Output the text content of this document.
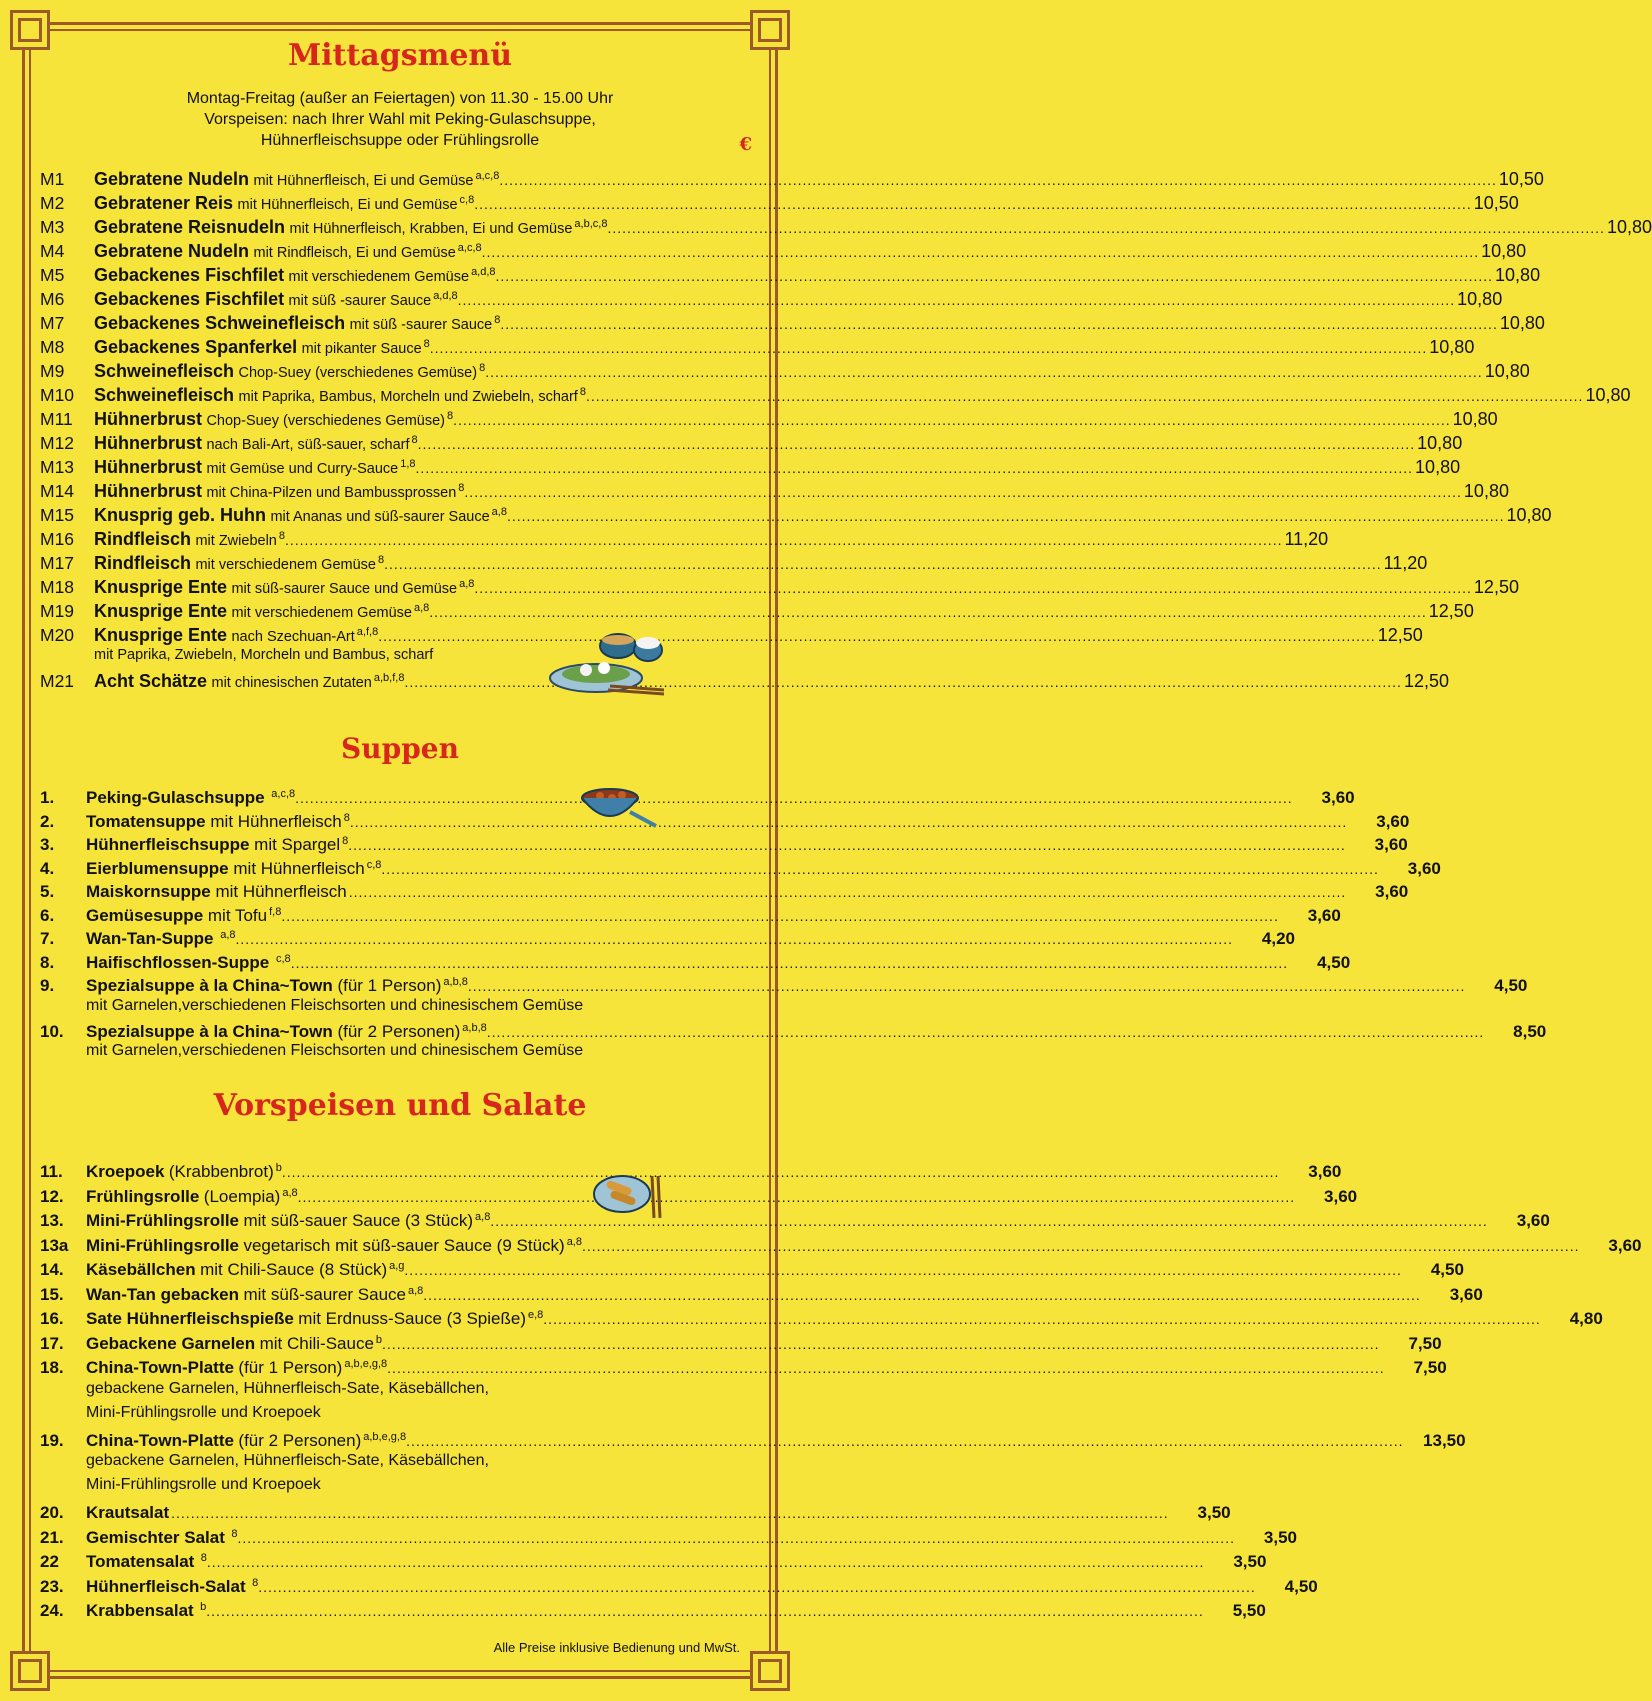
Mittagsmenü
Montag-Freitag (außer an Feiertagen) von 11.30 - 15.00 Uhr
Vorspeisen: nach Ihrer Wahl mit Peking-Gulaschsuppe,
Hühnerfleischsuppe oder Frühlingsrolle	€
M1	Gebratene Nudeln mit Hühnerfleisch, Ei und Gemüse $^{a,c,8}$ .....	10,50
M2	Gebratener Reis mit Hühnerfleisch, Ei und Gemüse $^{c,8}$ .....	10,50
M3	Gebratene Reisnudeln mit Hühnerfleisch, Krabben, Ei und Gemüse $^{a,b,c,8}$ .....	10,80
M4	Gebratene Nudeln mit Rindfleisch, Ei und Gemüse $^{a,c,8}$ .....	10,80
M5	Gebackenes Fischfilet mit verschiedenem Gemüse $^{a,d,8}$ .....	10,80
M6	Gebackenes Fischfilet mit süß -saurer Sauce $^{a,d,8}$ .....	10,80
M7	Gebackenes Schweinefleisch mit süß -saurer Sauce $^8$ .....	10,80
M8	Gebackenes Spanferkel mit pikanter Sauce $^8$ .....	10,80
M9	Schweinefleisch Chop-Suey (verschiedenes Gemüse) $^8$ .....	10,80
M10	Schweinefleisch mit Paprika, Bambus, Morcheln und Zwiebeln, scharf $^8$ .....	10,80
M11	Hühnerbrust Chop-Suey (verschiedenes Gemüse) $^8$ .....	10,80
M12	Hühnerbrust nach Bali-Art, süß-sauer, scharf $^8$ .....	10,80
M13	Hühnerbrust mit Gemüse und Curry-Sauce $^{1,8}$ .....	10,80
M14	Hühnerbrust mit China-Pilzen und Bambussprossen $^8$ .....	10,80
M15	Knusprig geb. Huhn mit Ananas und süß-saurer Sauce $^{a,8}$ .....	10,80
M16	Rindfleisch mit Zwiebeln $^8$ .....	11,20
M17	Rindfleisch mit verschiedenem Gemüse $^8$ .....	11,20
M18	Knusprige Ente mit süß-saurer Sauce und Gemüse $^{a,8}$ .....	12,50
M19	Knusprige Ente mit verschiedenem Gemüse $^{a,8}$ .....	12,50
M20	Knusprige Ente nach Szechuan-Art $^{a,f,8}$ .....	12,50
mit Paprika, Zwiebeln, Morcheln und Bambus, scharf
M21	Acht Schätze mit chinesischen Zutaten $^{a,b,f,8}$ .....	12,50
Suppen
1.	Peking-Gulaschsuppe $^{a,c,8}$ .....	3,60
2.	Tomatensuppe mit Hühnerfleisch $^8$ .....	3,60
3.	Hühnerfleischsuppe mit Spargel $^8$ .....	3,60
4.	Eierblumensuppe mit Hühnerfleisch $^{c,8}$ .....	3,60
5.	Maiskornsuppe mit Hühnerfleisch .....	3,60
6.	Gemüsesuppe mit Tofu $^{f,8}$ .....	3,60
7.	Wan-Tan-Suppe $^{a,8}$ .....	4,20
8.	Haifischflossen-Suppe $^{c,8}$ .....	4,50
9.	Spezialsuppe à la China~Town (für 1 Person) $^{a,b,8}$ .....	4,50
mit Garnelen,verschiedenen Fleischsorten und chinesischem Gemüse
10.	Spezialsuppe à la China~Town (für 2 Personen) $^{a,b,8}$ .....	8,50
mit Garnelen,verschiedenen Fleischsorten und chinesischem Gemüse
Vorspeisen und Salate
11.	Kroepoek (Krabbenbrot) $^b$ .....	3,60
12.	Frühlingsrolle (Loempia) $^{a,8}$ .....	3,60
13.	Mini-Frühlingsrolle mit süß-sauer Sauce (3 Stück) $^{a,8}$ .....	3,60
13a	Mini-Frühlingsrolle vegetarisch mit süß-sauer Sauce (9 Stück) $^{a,8}$ .....	3,60
14.	Käsebällchen mit Chili-Sauce (8 Stück) $^{a,g}$ .....	4,50
15.	Wan-Tan gebacken mit süß-saurer Sauce $^{a,8}$ .....	3,60
16.	Sate Hühnerfleischspieße mit Erdnuss-Sauce (3 Spieße) $^{e,8}$ .....	4,80
17.	Gebackene Garnelen mit Chili-Sauce $^b$ .....	7,50
18.	China-Town-Platte (für 1 Person) $^{a,b,e,g,8}$ .....	7,50
gebackene Garnelen, Hühnerfleisch-Sate, Käsebällchen,
Mini-Frühlingsrolle und Kroepoek
19.	China-Town-Platte (für 2 Personen) $^{a,b,e,g,8}$ .....	13,50
gebackene Garnelen, Hühnerfleisch-Sate, Käsebällchen,
Mini-Frühlingsrolle und Kroepoek
20.	Krautsalat .....	3,50
21.	Gemischter Salat $^8$ .....	3,50
22	Tomatensalat $^8$ .....	3,50
23.	Hühnerfleisch-Salat $^8$ .....	4,50
24.	Krabbensalat $^b$ .....	5,50

Alle Preise inklusive Bedienung und MwSt.
